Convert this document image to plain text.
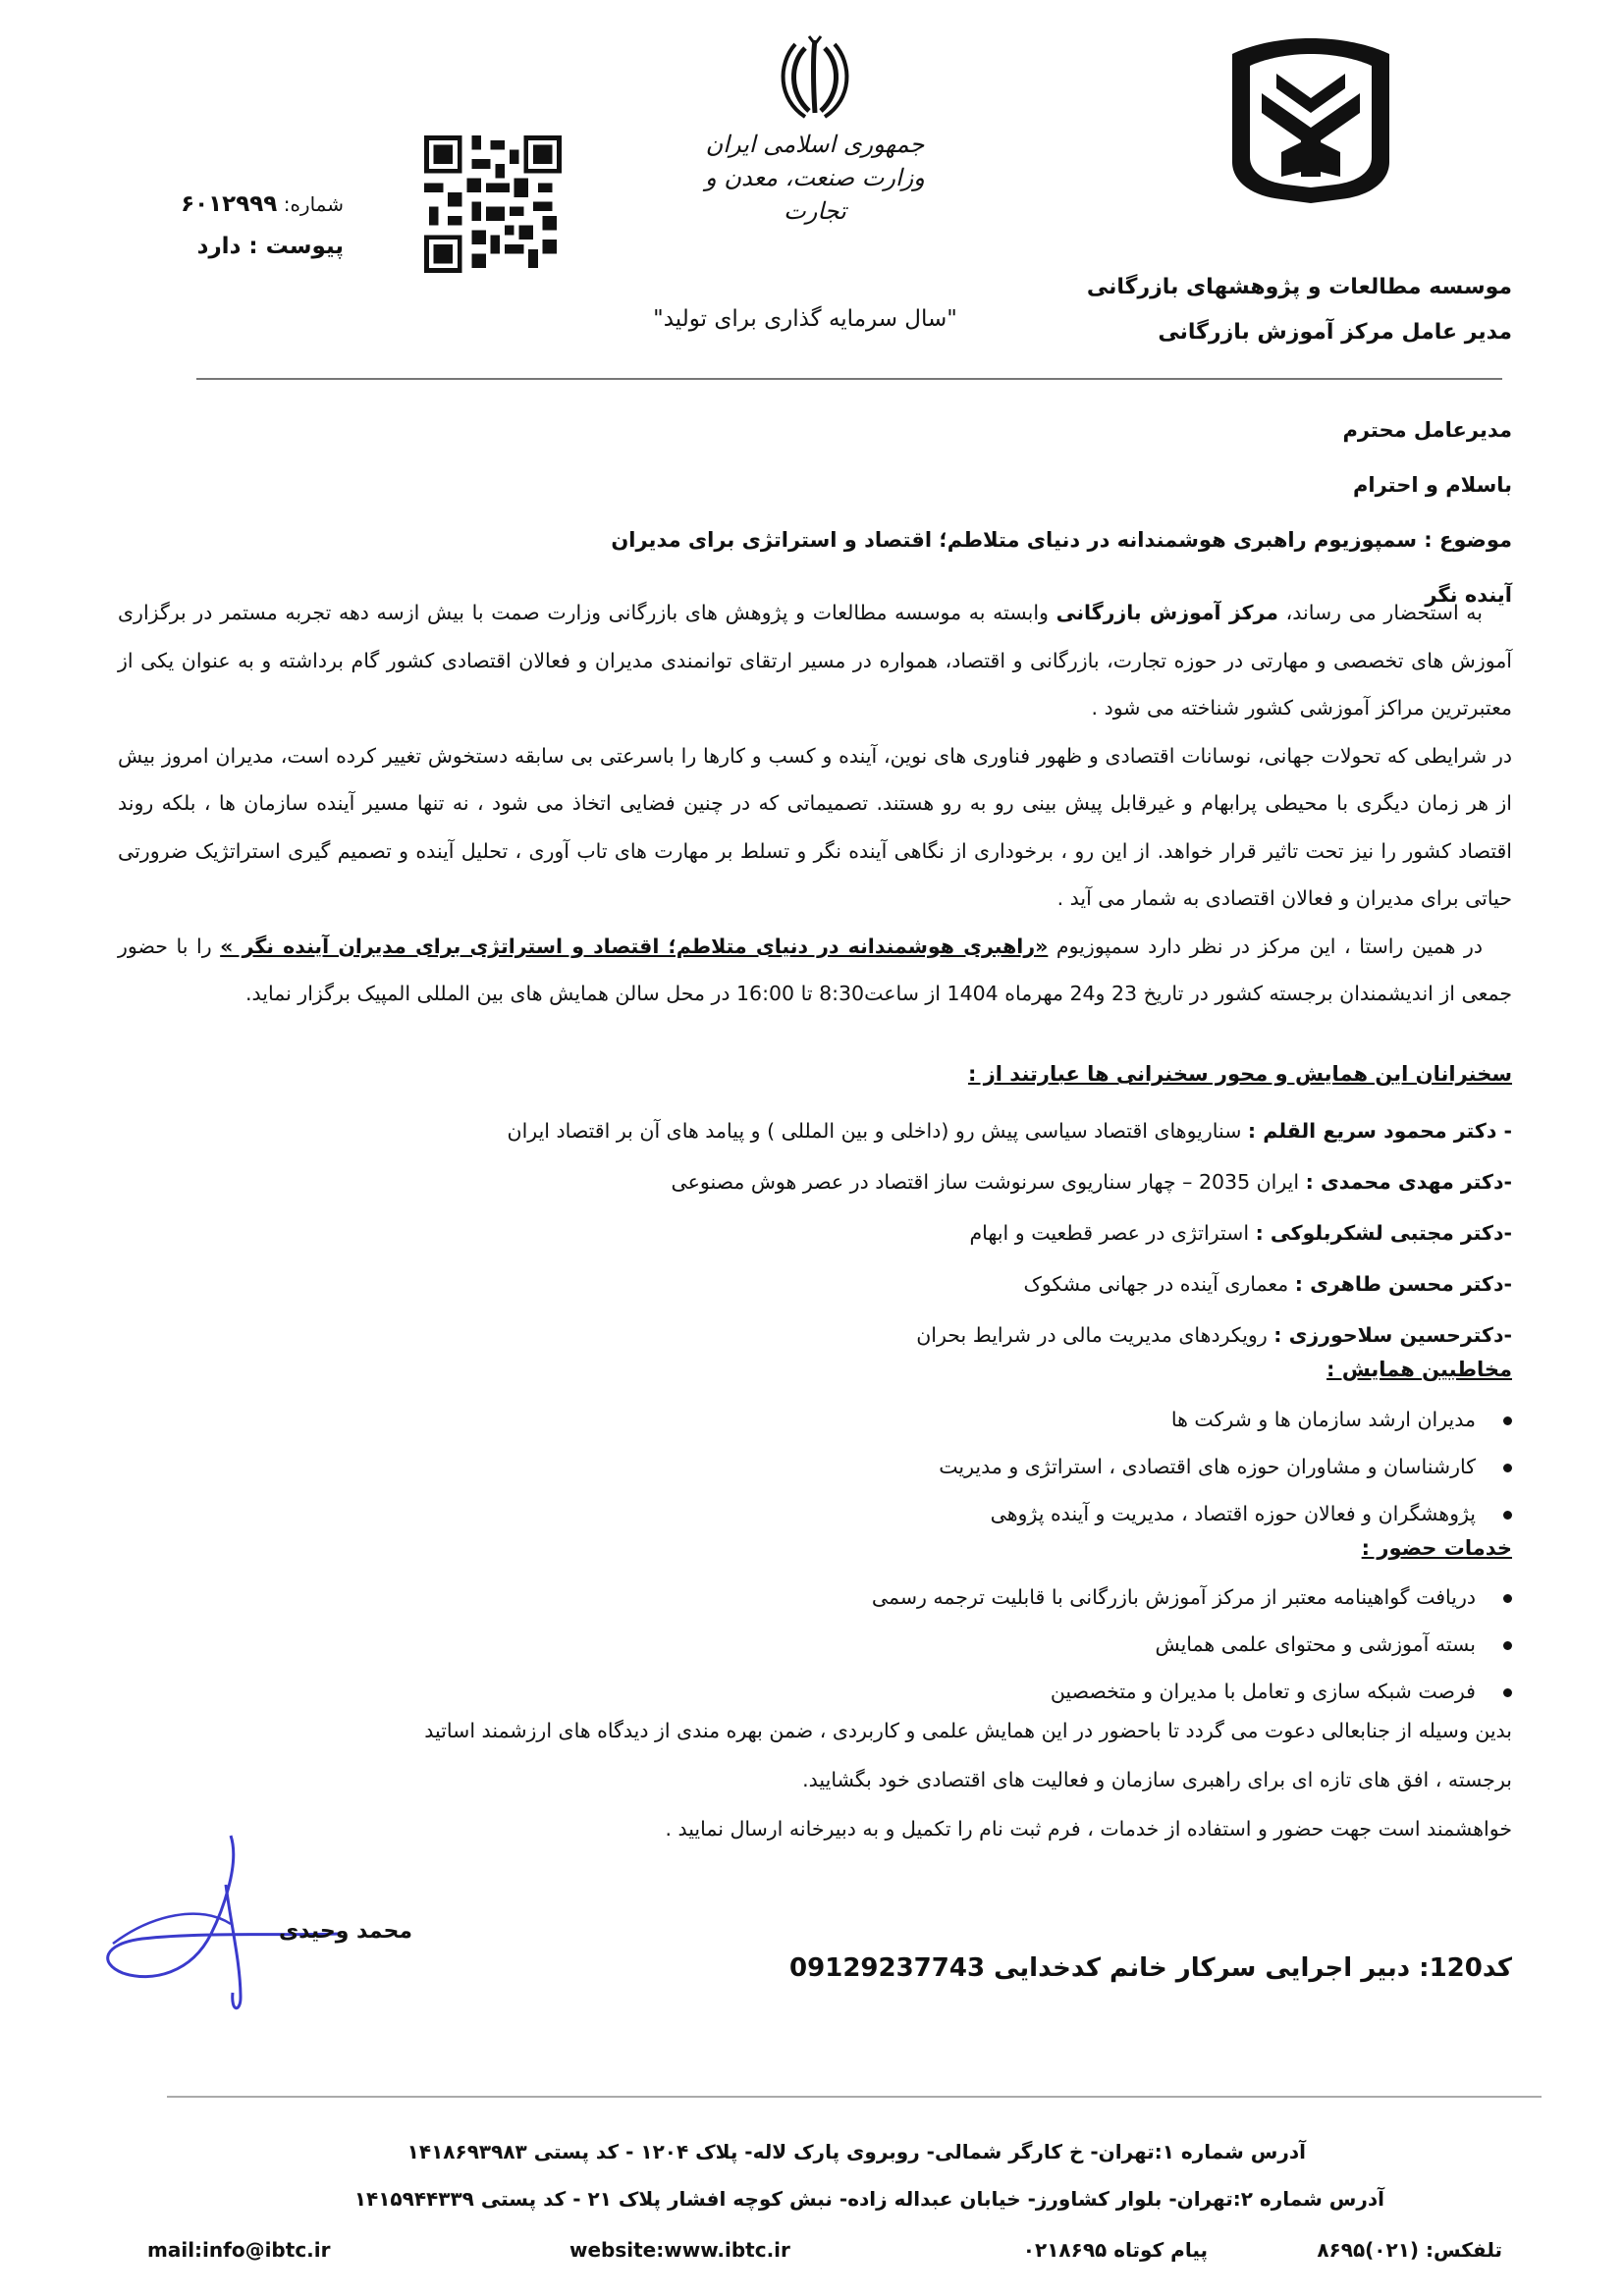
جمهوری اسلامی ایران
وزارت صنعت، معدن و تجارت
شماره: ۶۰۱۲۹۹۹
پیوست : دارد
"سال سرمایه گذاری برای تولید"
موسسه مطالعات و پژوهشهای بازرگانی
مدیر عامل مرکز آموزش بازرگانی
مدیرعامل محترم
باسلام و احترام
موضوع : سمپوزیوم راهبری هوشمندانه در دنیای متلاطم؛ اقتصاد و استراتژی برای مدیران آینده نگر

به استحضار می رساند، مرکز آموزش بازرگانی وابسته به موسسه مطالعات و پژوهش های بازرگانی وزارت صمت با بیش ازسه دهه تجربه مستمر در برگزاری آموزش های تخصصی و مهارتی در حوزه تجارت، بازرگانی و اقتصاد، همواره در مسیر ارتقای توانمندی مدیران و فعالان اقتصادی کشور گام برداشته و به عنوان یکی از معتبرترین مراکز آموزشی کشور شناخته می شود .

در شرایطی که تحولات جهانی، نوسانات اقتصادی و ظهور فناوری های نوین، آینده و کسب و کارها را باسرعتی بی سابقه دستخوش تغییر کرده است، مدیران امروز بیش از هر زمان دیگری با محیطی پرابهام و غیرقابل پیش بینی رو به رو هستند. تصمیماتی که در چنین فضایی اتخاذ می شود ، نه تنها مسیر آینده سازمان ها ، بلکه روند اقتصاد کشور را نیز تحت تاثیر قرار خواهد. از این رو ، برخوداری از نگاهی آینده نگر و تسلط بر مهارت های تاب آوری ، تحلیل آینده و تصمیم گیری استراتژیک ضرورتی حیاتی برای مدیران و فعالان اقتصادی به شمار می آید .

در همین راستا ، این مرکز در نظر دارد سمپوزیوم «راهبری هوشمندانه در دنیای متلاطم؛ اقتصاد و استراتژی برای مدیران آینده نگر » را با حضور جمعی از اندیشمندان برجسته کشور در تاریخ 23 و24 مهرماه 1404 از ساعت8:30 تا 16:00 در محل سالن همایش های بین المللی المپیک برگزار نماید.

سخنرانان این همایش و محور سخنرانی ها عبارتند از :
- دکتر محمود سریع القلم : سناریوهای اقتصاد سیاسی پیش رو (داخلی و بین المللی ) و پیامد های آن بر اقتصاد ایران
-دکتر مهدی محمدی : ایران 2035 – چهار سناریوی سرنوشت ساز اقتصاد در عصر هوش مصنوعی
-دکتر مجتبی لشکربلوکی : استراتژی در عصر قطعیت و ابهام
-دکتر محسن طاهری : معماری آینده در جهانی مشکوک
-دکترحسین سلاحورزی : رویکردهای مدیریت مالی در شرایط بحران
مخاطبین همایش :
مدیران ارشد سازمان ها و شرکت ها
کارشناسان و مشاوران حوزه های اقتصادی ، استراتژی و مدیریت
پژوهشگران و فعالان حوزه اقتصاد ، مدیریت و آینده پژوهی
خدمات حضور :
دریافت گواهینامه معتبر از مرکز آموزش بازرگانی با قابلیت ترجمه رسمی
بسته آموزشی و محتوای علمی همایش
فرصت شبکه سازی و تعامل با مدیران و متخصصین
بدین وسیله از جنابعالی دعوت می گردد تا باحضور در این همایش علمی و کاربردی ، ضمن بهره مندی از دیدگاه های ارزشمند اساتید
برجسته ، افق های تازه ای برای راهبری سازمان و فعالیت های اقتصادی خود بگشایید.
خواهشمند است جهت حضور و استفاده از خدمات ، فرم ثبت نام را تکمیل و به دبیرخانه ارسال نمایید .
محمد وحیدی
کد120: دبیر اجرایی سرکار خانم کدخدایی 09129237743
آدرس شماره ۱:تهران- خ کارگر شمالی- روبروی پارک لاله- پلاک ۱۲۰۴ - کد پستی ۱۴۱۸۶۹۳۹۸۳
آدرس شماره ۲:تهران- بلوار کشاورز- خیابان عبداله زاده- نبش کوچه افشار پلاک ۲۱ - کد پستی ۱۴۱۵۹۴۴۳۳۹
تلفکس: (۰۲۱)۸۶۹۵
پیام کوتاه ۰۲۱۸۶۹۵
website:www.ibtc.ir
mail:info@ibtc.ir
